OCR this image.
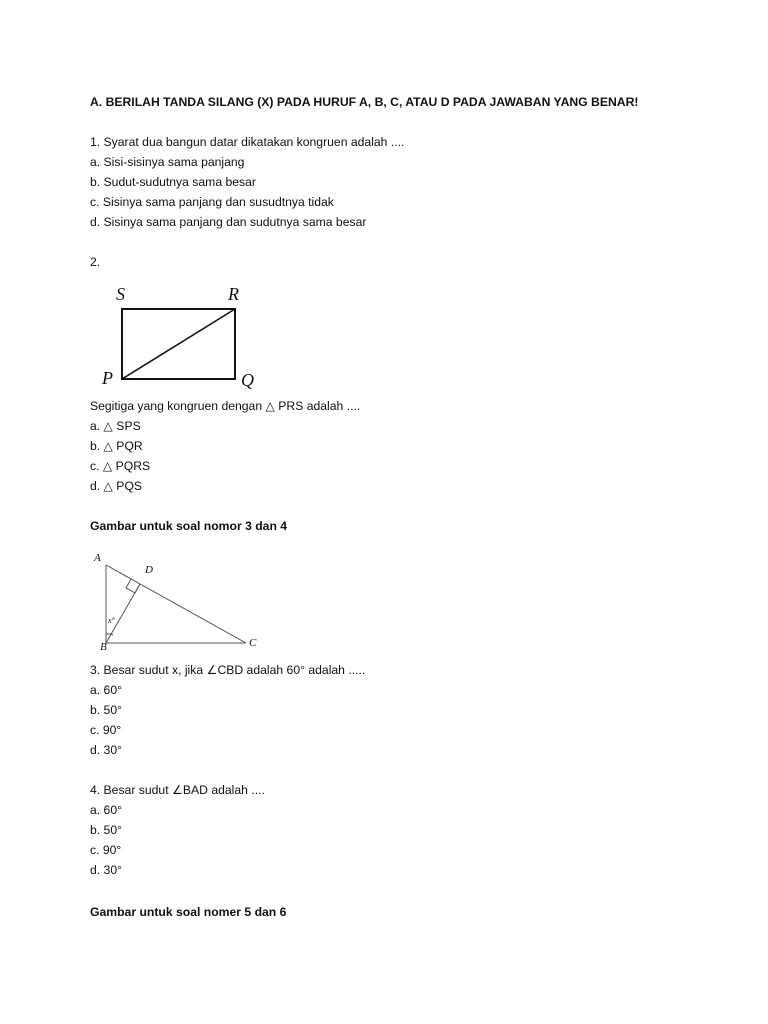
A. BERILAH TANDA SILANG (X) PADA HURUF A, B, C, ATAU D PADA JAWABAN YANG BENAR!
1. Syarat dua bangun datar dikatakan kongruen adalah ....
a. Sisi-sisinya sama panjang
b. Sudut-sudutnya sama besar
c. Sisinya sama panjang dan susudtnya tidak
d. Sisinya sama panjang dan sudutnya sama besar
2.
S	R
P	Q
Segitiga yang kongruen dengan △ PRS adalah ....
a. △ SPS
b. △ PQR
c. △ PQRS
d. △ PQS
Gambar untuk soal nomor 3 dan 4
A
D
x°
B	C
3. Besar sudut x, jika ∠CBD adalah 60° adalah .....
a. 60°
b. 50°
c. 90°
d. 30°
4. Besar sudut ∠BAD adalah ....
a. 60°
b. 50°
c. 90°
d. 30°
Gambar untuk soal nomer 5 dan 6
